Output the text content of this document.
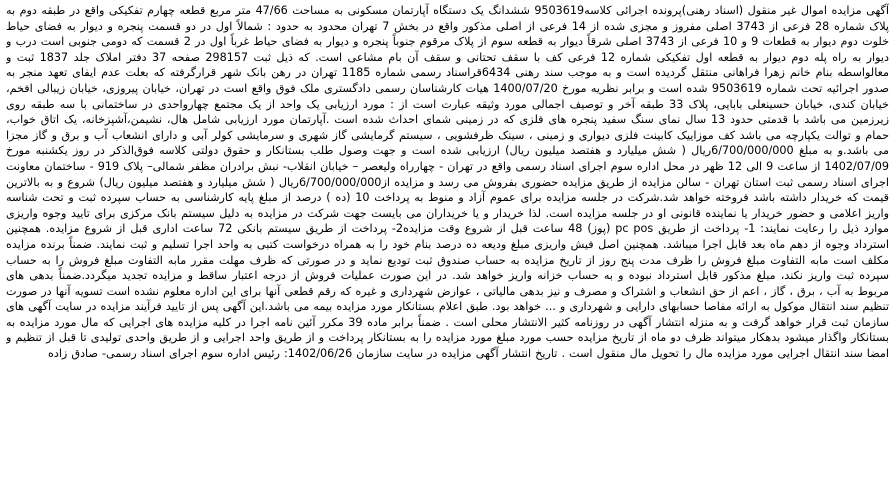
آگهی مزایده اموال غیر منقول (اسناد رهنی)پرونده اجرائی کلاسه9503619 ششدانگ یک دستگاه آپارتمان مسکونی به مساحت 47/66 متر مربع قطعه چهارم تفکیکی واقع در طبقه دوم به پلاک شماره 28 فرعی از 3743 اصلی مفروز و مجزی شده از 14 فرعی از اصلی مذکور واقع در بخش 7 تهران محدود به حدود : شمالاً اول در دو قسمت پنجره و دیوار به فضای حیاط خلوت دوم دیوار به قطعات 9 و 10 فرعی از 3743 اصلی شرقاً دیوار به قطعه سوم از پلاک مرقوم جنوباً پنجره و دیوار به فضای حیاط غرباً اول در 2 قسمت که دومی جنوبی است درب و دیوار به راه پله دوم دیوار به قطعه اول تفکیکی شماره 12 فرعی کف با سقف تحتانی و سقف آن بام مشاعی است. که ذیل ثبت 298157 صفحه 37 دفتر املاک جلد 1837 ثبت و معالواسطه بنام خانم زهرا فراهانی منتقل گردیده است و به موجب سند رهنی 6434قراسناد رسمی شماره 1185 تهران در رهن بانک شهر قرارگرفته که بعلت عدم ایفای تعهد منجر به صدور اجرائیه تحت شماره 9503619 شده است و برابر نظریه مورخ 1400/07/20 هیات کارشناسان رسمی دادگستری ملک فوق واقع است در تهران، خیابان پیروزی، خیابان زیبالی افخم، خیابان کندی، خیابان حسینعلی بابایی، پلاک 33 طبقه آخر و توصیف اجمالی مورد وثیقه عبارت است از : مورد ارزیابی یک واحد از یک مجتمع چهارواحدی در ساختمانی با سه طبقه روی زیرزمین می باشد با قدمتی حدود 13 سال نمای سنگ سفید پنجره های فلزی که در زمینی شمای احداث شده است .آپارتمان مورد ارزیابی شامل هال، نشیمن،آشپزخانه، یک اتاق خواب، حمام و توالت یکپارچه می باشد کف موزاییک کابینت فلزی دیواری و زمینی ، سینک ظرفشویی ، سیستم گرمایشی گاز شهری و سرمایشی کولر آبی و دارای انشعاب آب و برق و گاز مجزا می باشد.و به مبلغ 6/700/000/000ریال ( شش میلیارد و هفتصد میلیون ریال) ارزیابی شده است و جهت وصول طلب بستانکار و حقوق دولتی کلاسه فوق‌الذکر در روز یکشنبه مورخ 1402/07/09 از ساعت 9 الی 12 ظهر در محل اداره سوم اجرای اسناد رسمی واقع در تهران - چهارراه ولیعصر – خیابان انقلاب- نبش برادران مظفر شمالی– پلاک 919 - ساختمان معاونت اجرای اسناد رسمی ثبت استان تهران - سالن مزایده از طریق مزایده حضوری بفروش می رسد و مزایده از6/700/000/000ریال ( شش میلیارد و هفتصد میلیون ریال) شروع و به بالاترین قیمت که خریدار داشته باشد فروخته خواهد شد.شرکت در جلسه مزایده برای عموم آزاد و منوط به پرداخت 10 (ده ) درصد از مبلغ پایه کارشناسی به حساب سپرده ثبت و تحت شناسه واریز اعلامی و حضور خریدار یا نماینده قانونی او در جلسه مزایده است. لذا خریدار و یا خریداران می بایست جهت شرکت در مزایده به دلیل سیستم بانک مرکزی برای تایید وجوه واریزی موارد ذیل را رعایت نمایند: 1- پرداخت از طریق pc pos (پوز) 48 ساعت قبل از شروع وقت مزایده2- پرداخت از طریق سیستم بانکی 72 ساعت اداری قبل از شروع مزایده. همچنین استرداد وجوه از دهم ماه بعد قابل اجرا میباشد. همچنین اصل فیش واریزی مبلغ ودیعه ده درصد بنام خود را به همراه درخواست کتبی به واحد اجرا تسلیم و ثبت نمایند. ضمناً برنده مزایده مکلف است مابه التفاوت مبلغ فروش را ظرف مدت پنج روز از تاریخ مزایده به حساب صندوق ثبت تودیع نماید و در صورتی که ظرف مهلت مقرر مابه التفاوت مبلغ فروش را به حساب سپرده ثبت واریز نکند، مبلغ مذکور قابل استرداد نبوده و به حساب خزانه واریز خواهد شد. در این صورت عملیات فروش از درجه اعتبار ساقط و مزایده تجدید میگردد.ضمناً بدهی های مربوط به آب ، برق ، گاز ، اعم از حق انشعاب و اشتراک و مصرف و نیز بدهی مالیاتی ، عوارض شهرداری و غیره که رقم قطعی آنها برای این اداره معلوم نشده است تسویه آنها در صورت تنظیم سند انتقال موکول به ارائه مفاصا حسابهای دارایی و شهرداری و ... خواهد بود. طبق اعلام بستانکار مورد مزایده بیمه می باشد.این آگهی پس از تایید فرآیند مزایده در سایت آگهی های سازمان ثبت قرار خواهد گرفت و به منزله انتشار آگهی در روزنامه کثیر الانتشار محلی است . ضمناً برابر ماده 39 مکرر آئین نامه اجرا در کلیه مزایده های اجرایی که مال مورد مزایده به بستانکار واگذار میشود بدهکار میتواند ظرف دو ماه از تاریخ مزایده حسب مورد مبلغ مورد مزایده را به بستانکار پرداخت و از طریق واحد اجرایی و از طریق واحدی تولیدی تا قبل از تنظیم و امضا سند انتقال اجرایی مورد مزایده مال را تحویل مال منقول است . تاریخ انتشار آگهی مزایده در سایت سازمان 1402/06/26: رئیس اداره سوم اجرای اسناد رسمی- صادق زاده
